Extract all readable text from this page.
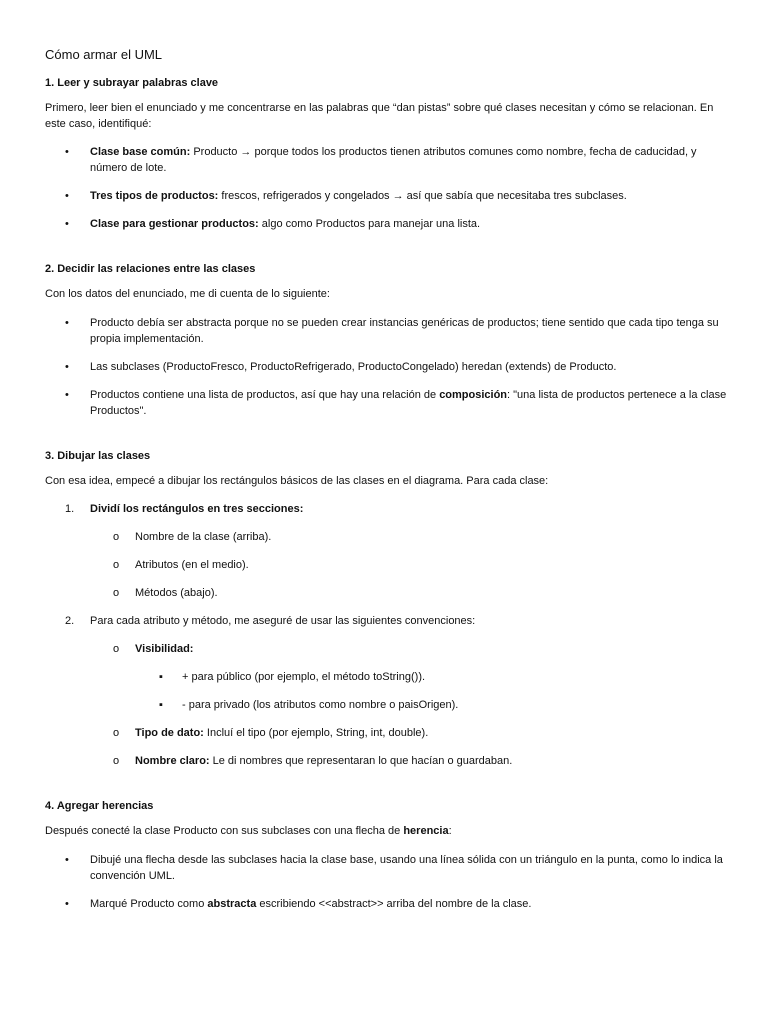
Cómo armar el UML
1. Leer y subrayar palabras clave
Primero, leer bien el enunciado y me concentrarse en las palabras que “dan pistas” sobre qué clases necesitan y cómo se relacionan. En este caso, identifiqué:
• Clase base común: Producto → porque todos los productos tienen atributos comunes como nombre, fecha de caducidad, y número de lote.
• Tres tipos de productos: frescos, refrigerados y congelados → así que sabía que necesitaba tres subclases.
• Clase para gestionar productos: algo como Productos para manejar una lista.
2. Decidir las relaciones entre las clases
Con los datos del enunciado, me di cuenta de lo siguiente:
• Producto debía ser abstracta porque no se pueden crear instancias genéricas de productos; tiene sentido que cada tipo tenga su propia implementación.
• Las subclases (ProductoFresco, ProductoRefrigerado, ProductoCongelado) heredan (extends) de Producto.
• Productos contiene una lista de productos, así que hay una relación de composición: "una lista de productos pertenece a la clase Productos".
3. Dibujar las clases
Con esa idea, empecé a dibujar los rectángulos básicos de las clases en el diagrama. Para cada clase:
1. Dividí los rectángulos en tres secciones:
o Nombre de la clase (arriba).
o Atributos (en el medio).
o Métodos (abajo).
2. Para cada atributo y método, me aseguré de usar las siguientes convenciones:
o Visibilidad:
▪ + para público (por ejemplo, el método toString()).
▪ - para privado (los atributos como nombre o paisOrigen).
o Tipo de dato: Incluí el tipo (por ejemplo, String, int, double).
o Nombre claro: Le di nombres que representaran lo que hacían o guardaban.
4. Agregar herencias
Después conecté la clase Producto con sus subclases con una flecha de herencia:
• Dibujé una flecha desde las subclases hacia la clase base, usando una línea sólida con un triángulo en la punta, como lo indica la convención UML.
• Marqué Producto como abstracta escribiendo <<abstract>> arriba del nombre de la clase.
